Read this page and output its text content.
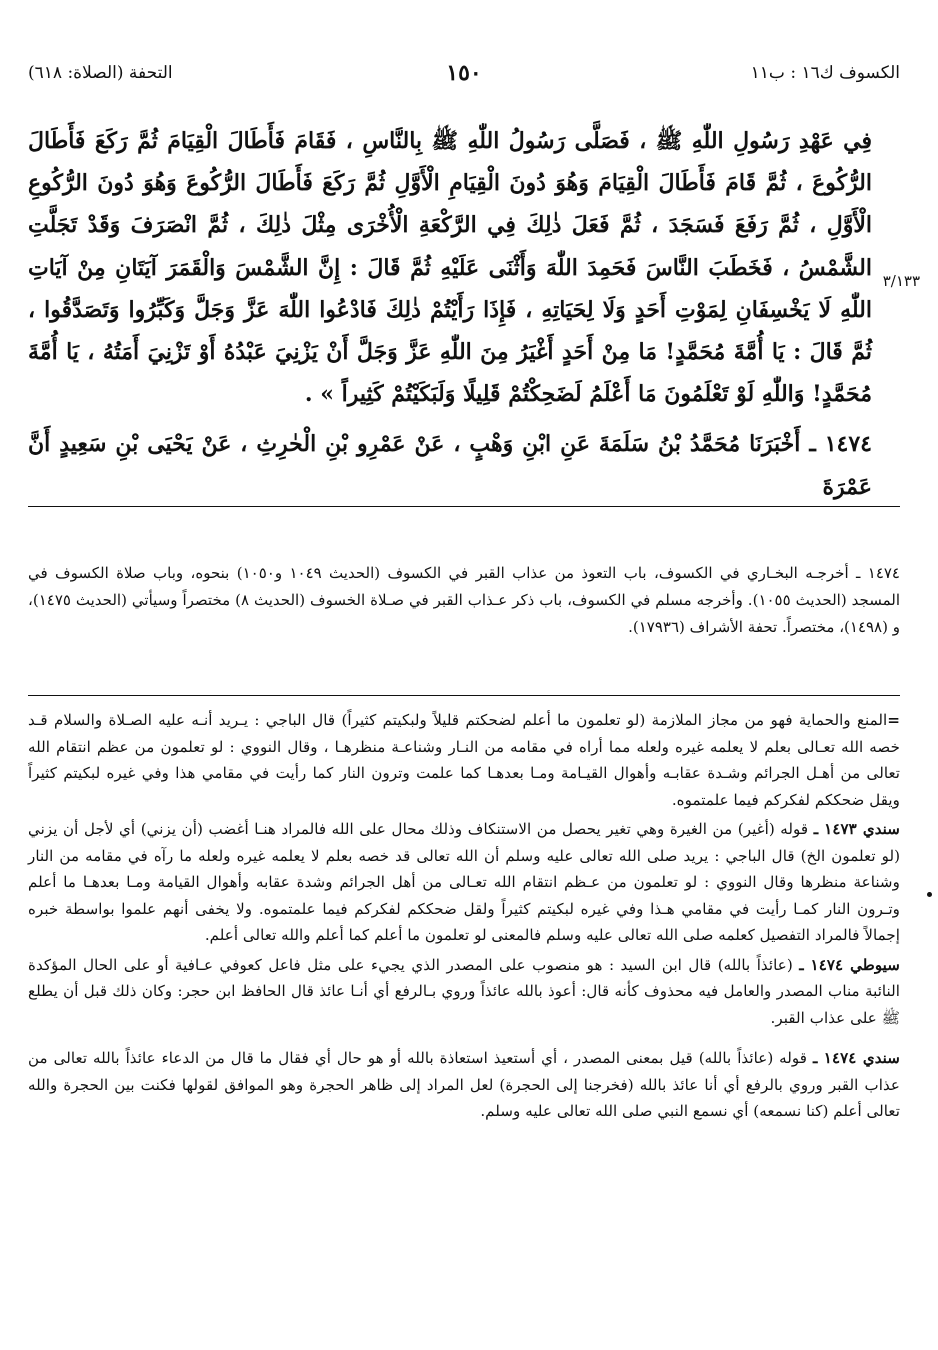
الكسوف ك١٦ : ب١١
١٥٠
التحفة (الصلاة: ٦١٨)
٣/١٣٣

فِي عَهْدِ رَسُولِ اللّٰهِ ﷺ ، فَصَلَّى رَسُولُ اللّٰهِ ﷺ بِالنَّاسِ ، فَقَامَ فَأَطَالَ الْقِيَامَ ثُمَّ رَكَعَ فَأَطَالَ الرُّكُوعَ ، ثُمَّ قَامَ فَأَطَالَ الْقِيَامَ وَهُوَ دُونَ الْقِيَامِ الْأَوَّلِ ثُمَّ رَكَعَ فَأَطَالَ الرُّكُوعَ وَهُوَ دُونَ الرُّكُوعِ الْأَوَّلِ ، ثُمَّ رَفَعَ فَسَجَدَ ، ثُمَّ فَعَلَ ذٰلِكَ فِي الرَّكْعَةِ الْأُخْرَى مِثْلَ ذٰلِكَ ، ثُمَّ انْصَرَفَ وَقَدْ تَجَلَّتِ الشَّمْسُ ، فَخَطَبَ النَّاسَ فَحَمِدَ اللّٰهَ وَأَثْنَى عَلَيْهِ ثُمَّ قَالَ : إِنَّ الشَّمْسَ وَالْقَمَرَ آيَتَانِ مِنْ آيَاتِ اللّٰهِ لَا يَخْسِفَانِ لِمَوْتِ أَحَدٍ وَلَا لِحَيَاتِهِ ، فَإِذَا رَأَيْتُمْ ذٰلِكَ فَادْعُوا اللّٰهَ عَزَّ وَجَلَّ وَكَبِّرُوا وَتَصَدَّقُوا ، ثُمَّ قَالَ : يَا أُمَّةَ مُحَمَّدٍ! مَا مِنْ أَحَدٍ أَغْيَرُ مِنَ اللّٰهِ عَزَّ وَجَلَّ أَنْ يَزْنِيَ عَبْدُهُ أَوْ تَزْنِيَ أَمَتُهُ ، يَا أُمَّةَ مُحَمَّدٍ! وَاللّٰهِ لَوْ تَعْلَمُونَ مَا أَعْلَمُ لَضَحِكْتُمْ قَلِيلًا وَلَبَكَيْتُمْ كَثِيراً » .

١٤٧٤ ـ أَخْبَرَنَا مُحَمَّدُ بْنُ سَلَمَةَ عَنِ ابْنِ وَهْبٍ ، عَنْ عَمْرِو بْنِ الْحٰرِثِ ، عَنْ يَحْيَى بْنِ سَعِيدٍ أَنَّ عَمْرَةَ

١٤٧٤ ـ أخرجـه البخـاري في الكسوف، باب التعوذ من عذاب القبر في الكسوف (الحديث ١٠٤٩ و١٠٥٠) بنحوه، وباب صلاة الكسوف في المسجد (الحديث ١٠٥٥). وأخرجه مسلم في الكسوف، باب ذكر عـذاب القبر في صـلاة الخسوف (الحديث ٨) مختصراً وسيأتي (الحديث ١٤٧٥)، و (١٤٩٨)، مختصراً. تحفة الأشراف (١٧٩٣٦).

=المنع والحماية فهو من مجاز الملازمة (لو تعلمون ما أعلم لضحكتم قليلاً ولبكيتم كثيراً) قال الباجي : يـريد أنـه عليه الصـلاة والسلام قـد خصه الله تعـالى بعلم لا يعلمه غيره ولعله مما أراه في مقامه من النـار وشناعـة منظرهـا ، وقال النووي : لو تعلمون من عظم انتقام الله تعالى من أهـل الجرائم وشـدة عقابـه وأهوال القيـامة ومـا بعدهـا كما علمت وترون النار كما رأيت في مقامي هذا وفي غيره لبكيتم كثيراً ويقل ضحككم لفكركم فيما علمتموه.

سندي ١٤٧٣ ـ قوله (أغير) من الغيرة وهي تغير يحصل من الاستنكاف وذلك محال على الله فالمراد هنـا أغضب (أن يزني) أي لأجل أن يزني (لو تعلمون الخ) قال الباجي : يريد صلى الله تعالى عليه وسلم أن الله تعالى قد خصه بعلم لا يعلمه غيره ولعله ما رآه في مقامه من النار وشناعة منظرها وقال النووي : لو تعلمون من عـظم انتقام الله تعـالى من أهل الجرائم وشدة عقابه وأهوال القيامة ومـا بعدهـا ما أعلم وتـرون النار كمـا رأيت في مقامي هـذا وفي غيره لبكيتم كثيراً ولقل ضحككم لفكركم فيما علمتموه. ولا يخفى أنهم علموا بواسطة خبره إجمالاً فالمراد التفصيل كعلمه صلى الله تعالى عليه وسلم فالمعنى لو تعلمون ما أعلم كما أعلم والله تعالى أعلم.

سيوطي ١٤٧٤ ـ (عائذاً بالله) قال ابن السيد : هو منصوب على المصدر الذي يجيء على مثل فاعل كعوفي عـافية أو على الحال المؤكدة النائبة مناب المصدر والعامل فيه محذوف كأنه قال: أعوذ بالله عائذاً وروي بـالرفع أي أنـا عائذ قال الحافظ ابن حجر: وكان ذلك قبل أن يطلع ﷺ على عذاب القبر.

سندي ١٤٧٤ ـ قوله (عائذاً بالله) قيل بمعنى المصدر ، أي أستعيذ استعاذة بالله أو هو حال أي فقال ما قال من الدعاء عائذاً بالله تعالى من عذاب القبر وروي بالرفع أي أنا عائذ بالله (فخرجنا إلى الحجرة) لعل المراد إلى ظاهر الحجرة وهو الموافق لقولها فكنت بين الحجرة والله تعالى أعلم (كنا نسمعه) أي نسمع النبي صلى الله تعالى عليه وسلم.
